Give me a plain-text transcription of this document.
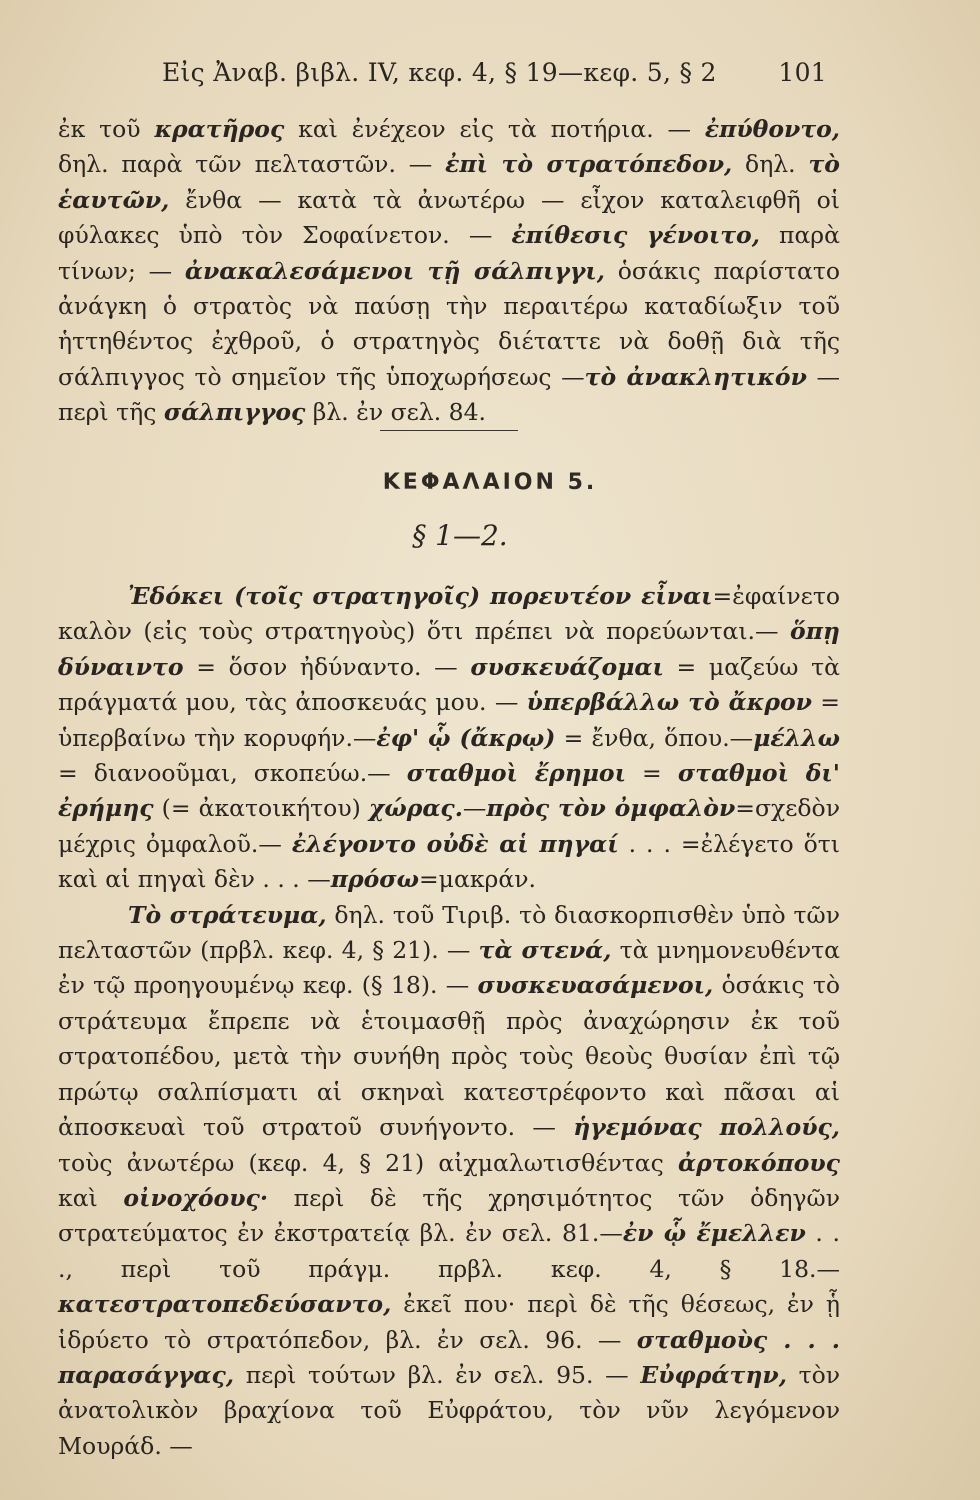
Εἰς Ἀναβ. βιβλ. IV, κεφ. 4, § 19—κεφ. 5, § 2 101

ἐκ τοῦ κρατῆρος καὶ ἐνέχεον εἰς τὰ ποτήρια. — ἐπύθοντο, δηλ. παρὰ τῶν πελταστῶν. — ἐπὶ τὸ στρατόπεδον, δηλ. τὸ ἑαυτῶν, ἔνθα — κατὰ τὰ ἀνωτέρω — εἶχον καταλειφθῆ οἱ φύλακες ὑπὸ τὸν Σοφαίνετον. — ἐπίθεσις γένοιτο, παρὰ τίνων; — ἀνακαλεσάμενοι τῇ σάλπιγγι, ὁσάκις παρίστατο ἀνάγκη ὁ στρατὸς νὰ παύσῃ τὴν περαιτέρω καταδίωξιν τοῦ ἡττηθέντος ἐχθροῦ, ὁ στρατηγὸς διέταττε νὰ δοθῇ διὰ τῆς σάλπιγγος τὸ σημεῖον τῆς ὑποχωρήσεως —τὸ ἀνακλητικόν —περὶ τῆς σάλπιγγος βλ. ἐν σελ. 84.

ΚΕΦΑΛΑΙΟΝ 5.
§ 1—2.

Ἐδόκει (τοῖς στρατηγοῖς) πορευτέον εἶναι=ἐφαίνετο καλὸν (εἰς τοὺς στρατηγοὺς) ὅτι πρέπει νὰ πορεύωνται.— ὅπῃ δύναιντο = ὅσον ἠδύναντο. — συσκευάζομαι = μαζεύω τὰ πράγματά μου, τὰς ἀποσκευάς μου. — ὑπερβάλλω τὸ ἄκρον = ὑπερβαίνω τὴν κορυφήν.—ἐφ' ᾧ (ἄκρῳ) = ἔνθα, ὅπου.—μέλλω = διανοοῦμαι, σκοπεύω.— σταθμοὶ ἔρημοι = σταθμοὶ δι' ἐρήμης (= ἀκατοικήτου) χώρας.—πρὸς τὸν ὀμφαλὸν=σχεδὸν μέχρις ὀμφαλοῦ.— ἐλέγοντο οὐδὲ αἱ πηγαί . . . =ἐλέγετο ὅτι καὶ αἱ πηγαὶ δὲν . . . —πρόσω=μακράν.

Τὸ στράτευμα, δηλ. τοῦ Τιριβ. τὸ διασκορπισθὲν ὑπὸ τῶν πελταστῶν (πρβλ. κεφ. 4, § 21). — τὰ στενά, τὰ μνημονευθέντα ἐν τῷ προηγουμένῳ κεφ. (§ 18). — συσκευασάμενοι, ὁσάκις τὸ στράτευμα ἔπρεπε νὰ ἑτοιμασθῇ πρὸς ἀναχώρησιν ἐκ τοῦ στρατοπέδου, μετὰ τὴν συνήθη πρὸς τοὺς θεοὺς θυσίαν ἐπὶ τῷ πρώτῳ σαλπίσματι αἱ σκηναὶ κατεστρέφοντο καὶ πᾶσαι αἱ ἀποσκευαὶ τοῦ στρατοῦ συνήγοντο. — ἡγεμόνας πολλούς, τοὺς ἀνωτέρω (κεφ. 4, § 21) αἰχμαλωτισθέντας ἀρτοκόπους καὶ οἰνοχόους· περὶ δὲ τῆς χρησιμότητος τῶν ὁδηγῶν στρατεύματος ἐν ἐκστρατείᾳ βλ. ἐν σελ. 81.—ἐν ᾧ ἔμελλεν . . ., περὶ τοῦ πράγμ. πρβλ. κεφ. 4, § 18.—κατεστρατοπεδεύσαντο, ἐκεῖ που· περὶ δὲ τῆς θέσεως, ἐν ᾗ ἱδρύετο τὸ στρατόπεδον, βλ. ἐν σελ. 96. — σταθμοὺς . . . παρασάγγας, περὶ τούτων βλ. ἐν σελ. 95. — Εὐφράτην, τὸν ἀνατολικὸν βραχίονα τοῦ Εὐφράτου, τὸν νῦν λεγόμενον Μουράδ. —
